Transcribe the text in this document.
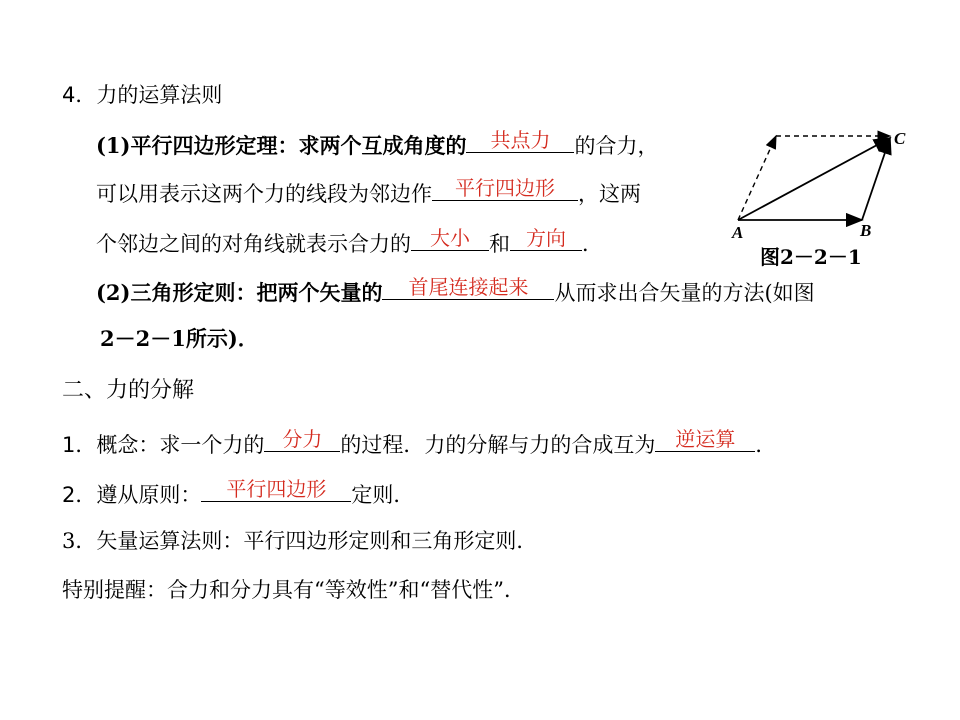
4．力的运算法则
(1)平行四边形定理：求两个互成角度的	共点力	的合力，
可以用表示这两个力的线段为邻边作	平行四边形	，这两
个邻边之间的对角线就表示合力的 大小 和 方向 ．
(2)三角形定则：把两个矢量的	首尾连接起来	从而求出合矢量的方法(如图
2－2－1所示)．
A	B
C
图2－2－1
二、力的分解
1．概念：求一个力的 分力 的过程．力的分解与力的合成互为	逆运算 ．
2．遵从原则：	平行四边形	定则．
3．矢量运算法则：平行四边形定则和三角形定则．
特别提醒：合力和分力具有“等效性”和“替代性”．
